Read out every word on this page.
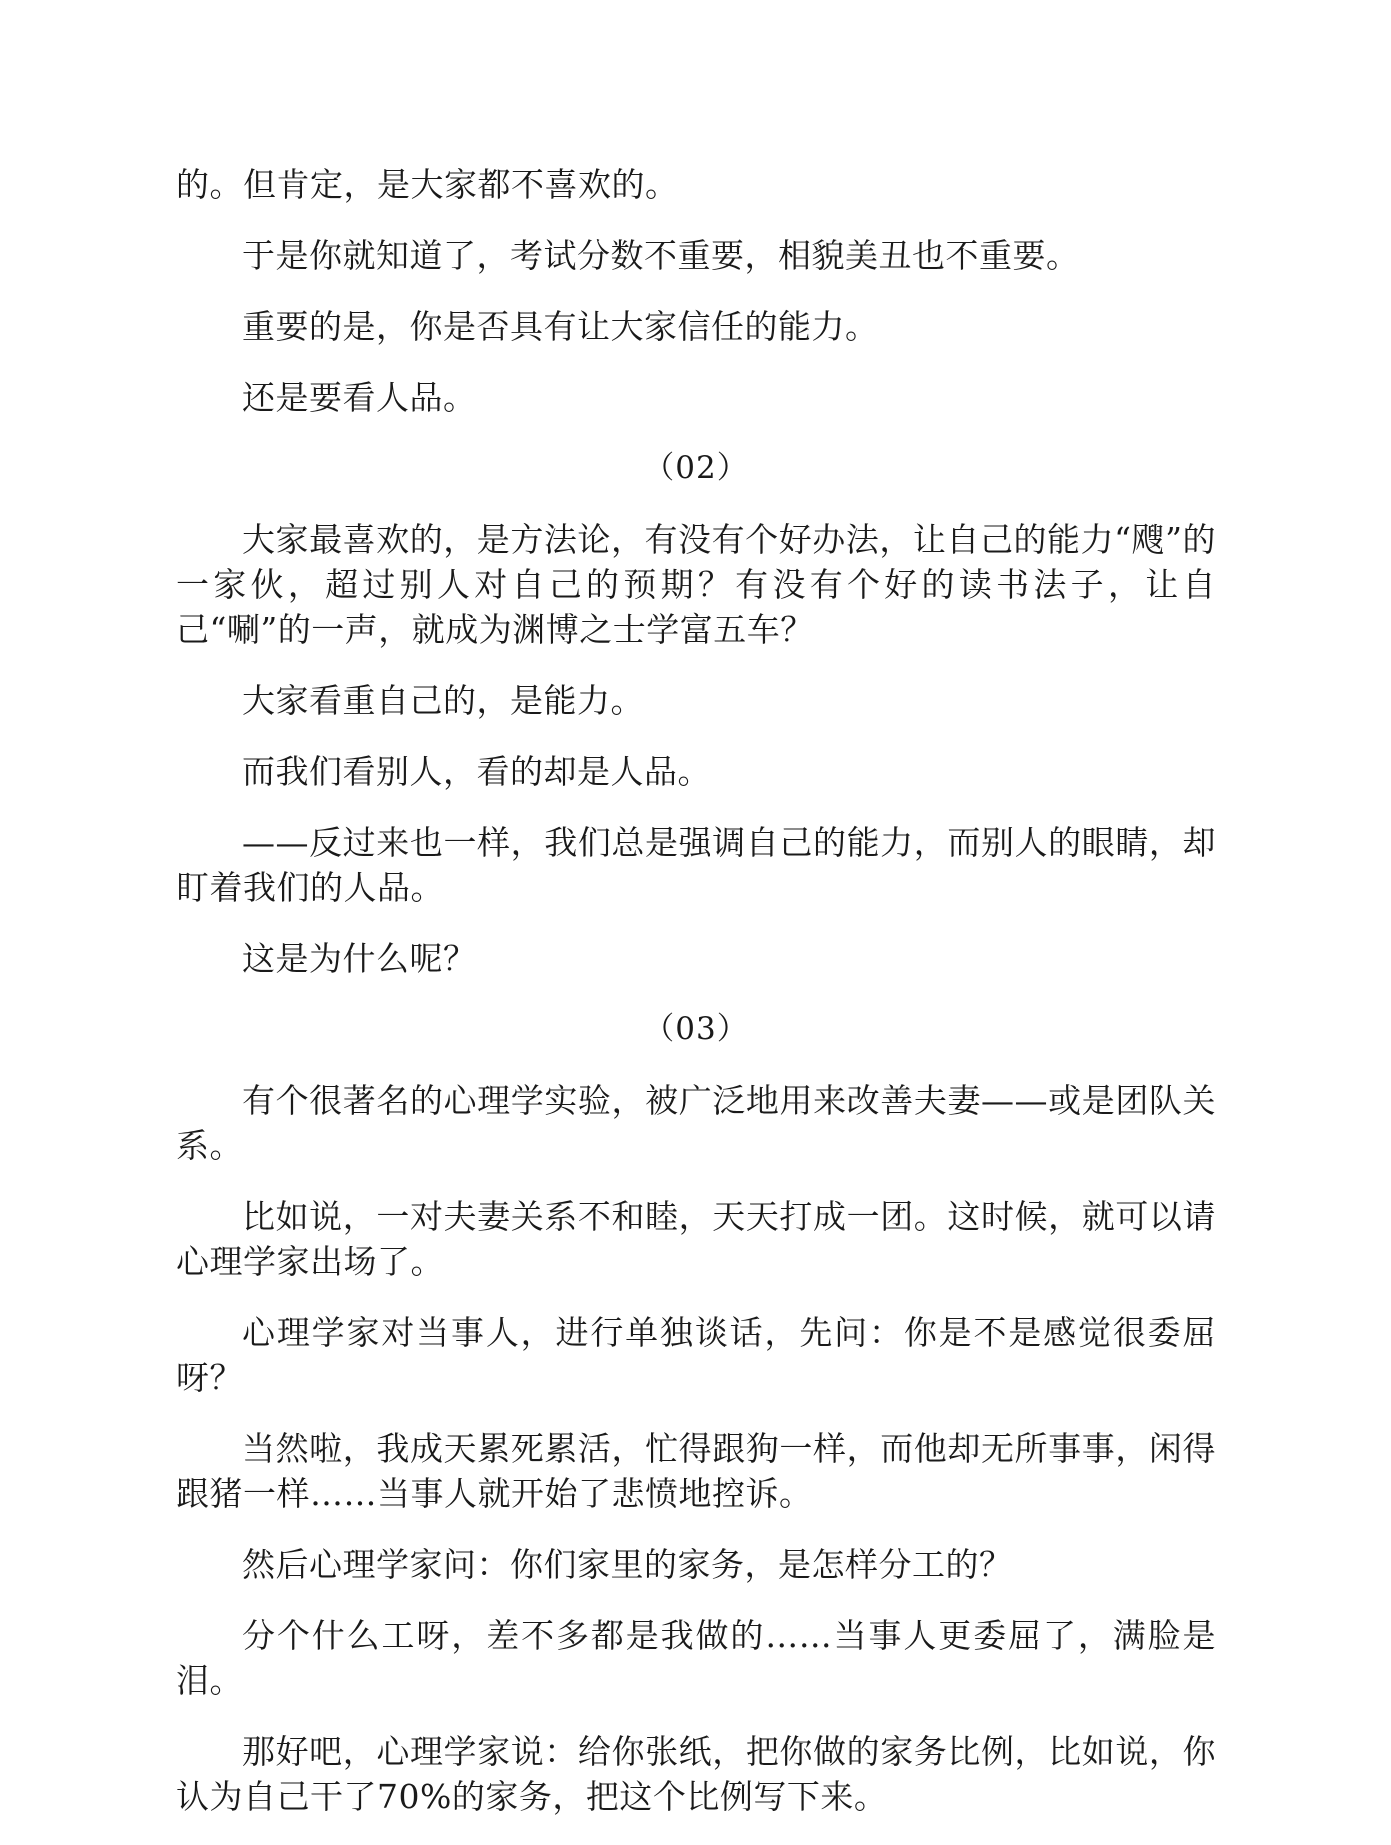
的。但肯定，是大家都不喜欢的。

于是你就知道了，考试分数不重要，相貌美丑也不重要。

重要的是，你是否具有让大家信任的能力。

还是要看人品。

（02）

大家最喜欢的，是方法论，有没有个好办法，让自己的能力“飕”的一家伙，超过别人对自己的预期？有没有个好的读书法子，让自己“唰”的一声，就成为渊博之士学富五车？

大家看重自己的，是能力。

而我们看别人，看的却是人品。

——反过来也一样，我们总是强调自己的能力，而别人的眼睛，却盯着我们的人品。

这是为什么呢？

（03）

有个很著名的心理学实验，被广泛地用来改善夫妻——或是团队关系。

比如说，一对夫妻关系不和睦，天天打成一团。这时候，就可以请心理学家出场了。

心理学家对当事人，进行单独谈话，先问：你是不是感觉很委屈呀？

当然啦，我成天累死累活，忙得跟狗一样，而他却无所事事，闲得跟猪一样……当事人就开始了悲愤地控诉。

然后心理学家问：你们家里的家务，是怎样分工的？

分个什么工呀，差不多都是我做的……当事人更委屈了，满脸是泪。

那好吧，心理学家说：给你张纸，把你做的家务比例，比如说，你认为自己干了70%的家务，把这个比例写下来。
